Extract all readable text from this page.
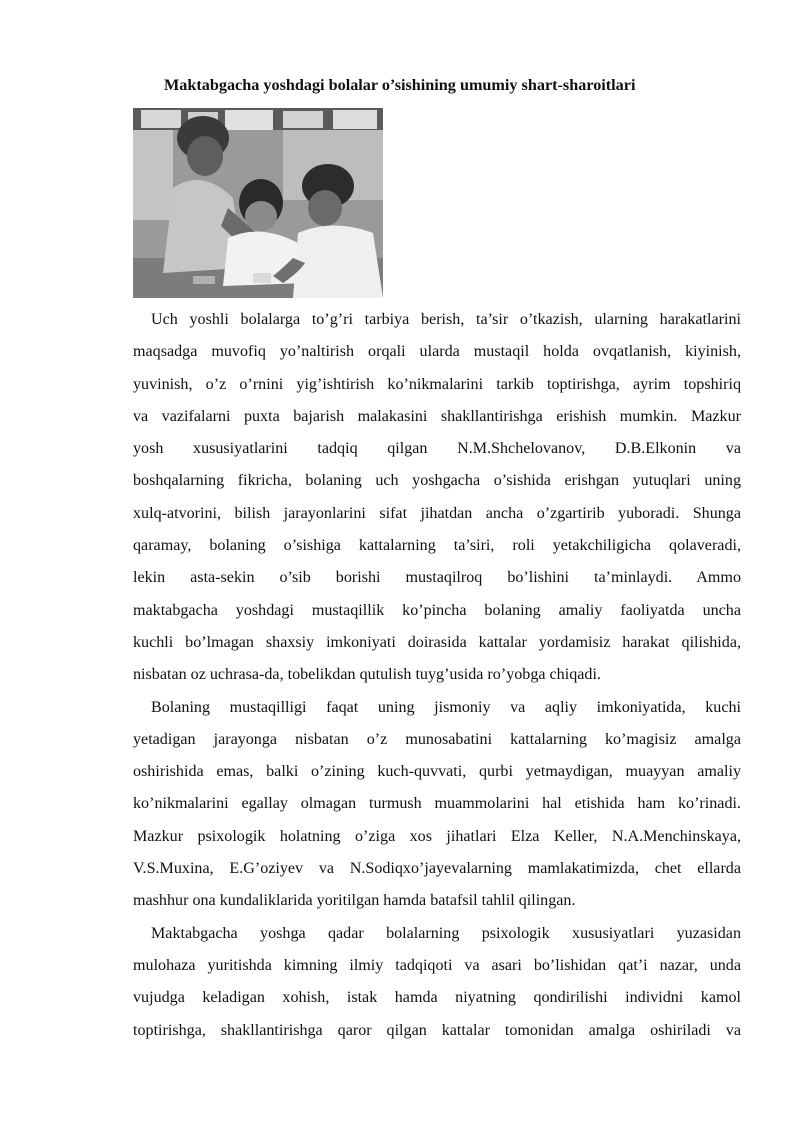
Maktabgacha yoshdagi bolalar o’sishining umumiy shart-sharoitlari

Uch yoshli bolalarga to’g’ri tarbiya berish, ta’sir o’tkazish, ularning harakatlarini
maqsadga muvofiq yo’naltirish orqali ularda mustaqil holda ovqatlanish, kiyinish,
yuvinish, o’z o’rnini yig’ishtirish ko’nikmalarini tarkib toptirishga, ayrim topshiriq
va vazifalarni puxta bajarish malakasini shakllantirishga erishish mumkin. Mazkur
yosh xususiyatlarini tadqiq qilgan N.M.Shchelovanov, D.B.Elkonin va
boshqalarning fikricha, bolaning uch yoshgacha o’sishida erishgan yutuqlari uning
xulq-atvorini, bilish jarayonlarini sifat jihatdan ancha o’zgartirib yuboradi. Shunga
qaramay, bolaning o’sishiga kattalarning ta’siri, roli yetakchiligicha qolaveradi,
lekin asta-sekin o’sib borishi mustaqilroq bo’lishini ta’minlaydi. Ammo
maktabgacha yoshdagi mustaqillik ko’pincha bolaning amaliy faoliyatda uncha
kuchli bo’lmagan shaxsiy imkoniyati doirasida kattalar yordamisiz harakat qilishida,
nisbatan oz uchrasa-da, tobelikdan qutulish tuyg’usida ro’yobga chiqadi.

Bolaning mustaqilligi faqat uning jismoniy va aqliy imkoniyatida, kuchi
yetadigan jarayonga nisbatan o’z munosabatini kattalarning ko’magisiz amalga
oshirishida emas, balki o’zining kuch-quvvati, qurbi yetmaydigan, muayyan amaliy
ko’nikmalarini egallay olmagan turmush muammolarini hal etishida ham ko’rinadi.
Mazkur psixologik holatning o’ziga xos jihatlari Elza Keller, N.A.Menchinskaya,
V.S.Muxina, E.G’oziyev va N.Sodiqxo’jayevalarning mamlakatimizda, chet ellarda
mashhur ona kundaliklarida yoritilgan hamda batafsil tahlil qilingan.

Maktabgacha yoshga qadar bolalarning psixologik xususiyatlari yuzasidan
mulohaza yuritishda kimning ilmiy tadqiqoti va asari bo’lishidan qat’i nazar, unda
vujudga keladigan xohish, istak hamda niyatning qondirilishi individni kamol
toptirishga, shakllantirishga qaror qilgan kattalar tomonidan amalga oshiriladi va
